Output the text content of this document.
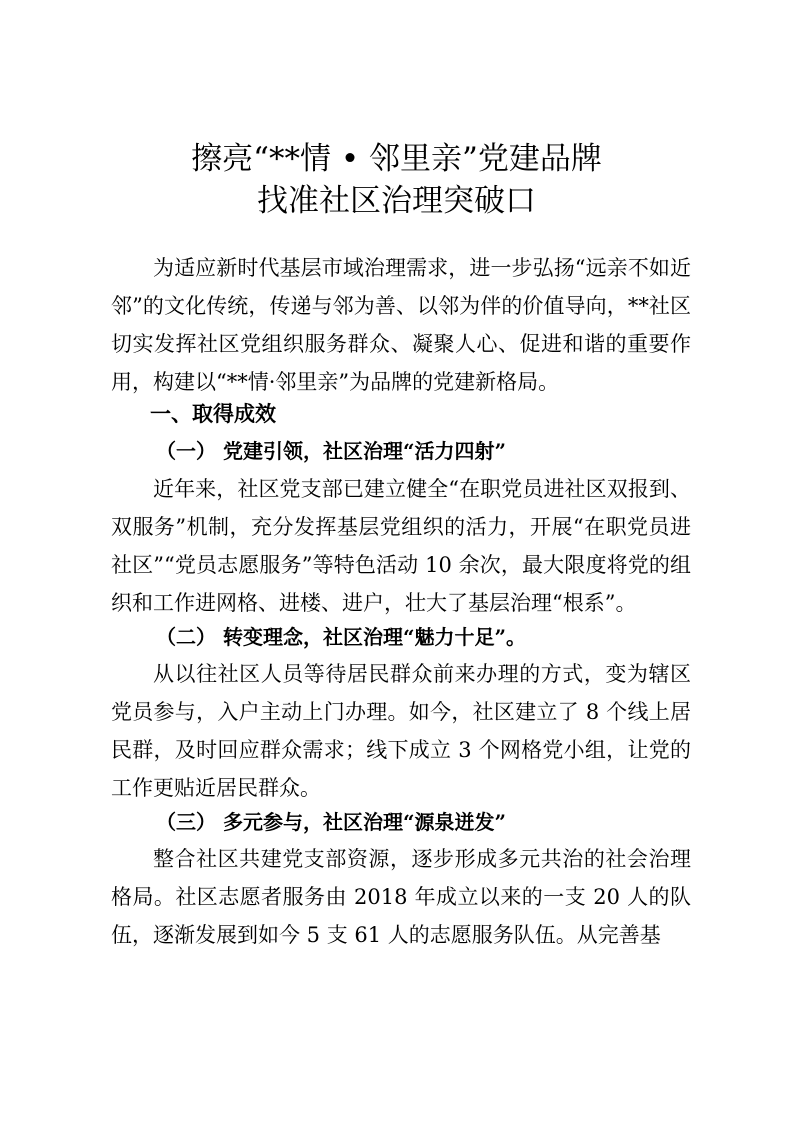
擦亮“**情 • 邻里亲”党建品牌
找准社区治理突破口

为适应新时代基层市域治理需求，进一步弘扬“远亲不如近邻”的文化传统，传递与邻为善、以邻为伴的价值导向，**社区切实发挥社区党组织服务群众、凝聚人心、促进和谐的重要作用，构建以“**情·邻里亲”为品牌的党建新格局。

一、取得成效

（一） 党建引领，社区治理“活力四射”

近年来，社区党支部已建立健全“在职党员进社区双报到、双服务”机制，充分发挥基层党组织的活力，开展“在职党员进社区”“党员志愿服务”等特色活动 10 余次，最大限度将党的组织和工作进网格、进楼、进户，壮大了基层治理“根系”。

（二） 转变理念，社区治理“魅力十足”。

从以往社区人员等待居民群众前来办理的方式，变为辖区党员参与，入户主动上门办理。如今，社区建立了 8 个线上居民群，及时回应群众需求；线下成立 3 个网格党小组，让党的工作更贴近居民群众。

（三） 多元参与，社区治理“源泉迸发”

整合社区共建党支部资源，逐步形成多元共治的社会治理格局。社区志愿者服务由 2018 年成立以来的一支 20 人的队伍，逐渐发展到如今 5 支 61 人的志愿服务队伍。从完善基
